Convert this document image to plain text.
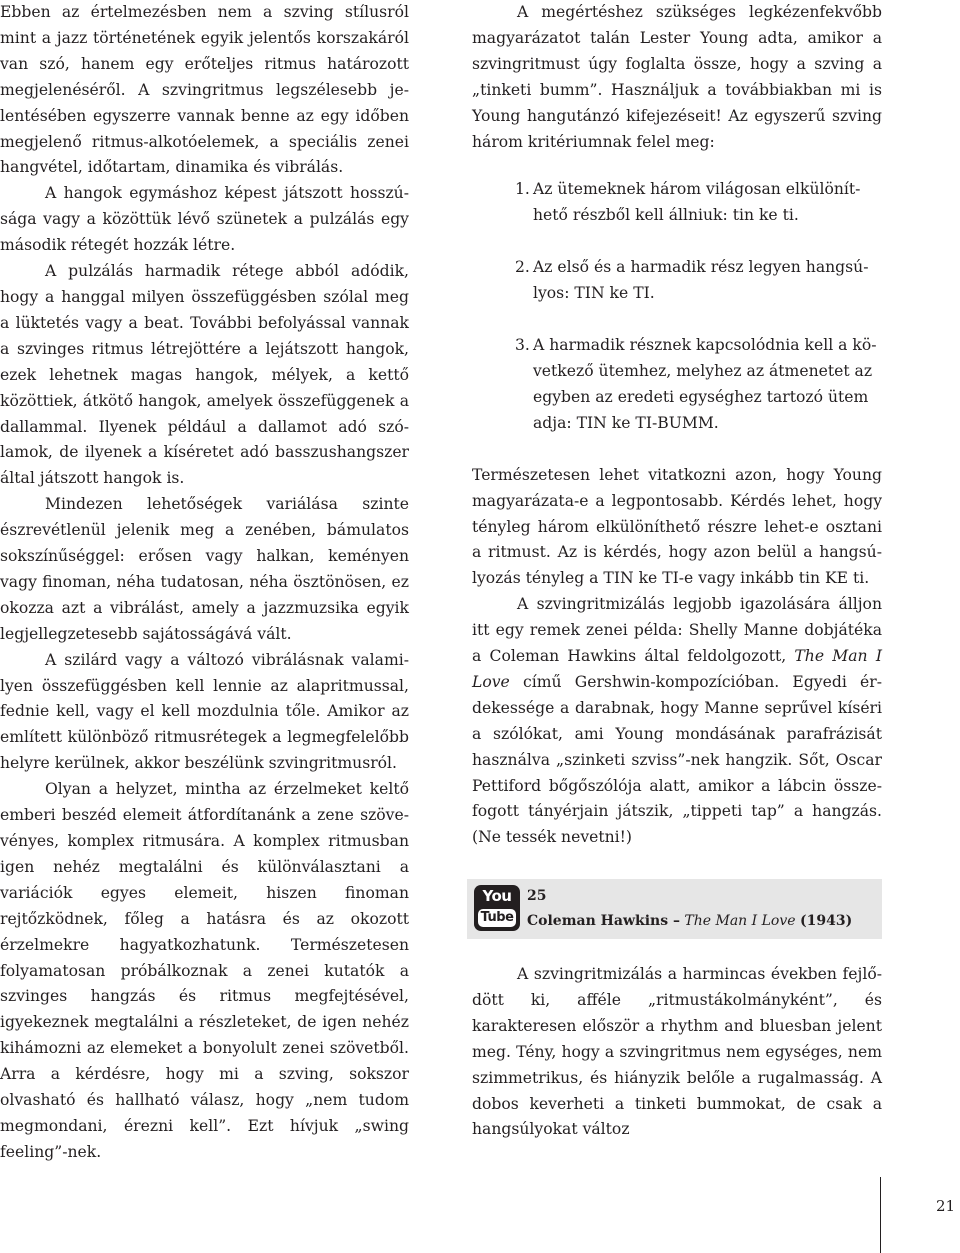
Ebben az értelmezésben nem a szving stílusról mint a jazz történetének egyik jelentős korszakáról van szó, hanem egy erőteljes ritmus határozott megjelenéséről. A szvingritmus legszélesebb jelentésében egyszerre vannak benne az egy időben megjelenő ritmus-alkotóelemek, a speciális zenei hangvétel, időtartam, dinamika és vibrálás.

A hangok egymáshoz képest játszott hosszúsága vagy a közöttük lévő szünetek a pulzálás egy második rétegét hozzák létre.

A pulzálás harmadik rétege abból adódik, hogy a hanggal milyen összefüggésben szólal meg a lüktetés vagy a beat. További befolyással vannak a szvinges ritmus létrejöttére a lejátszott hangok, ezek lehetnek magas hangok, mélyek, a kettő közöttiek, átkötő hangok, amelyek összefüggenek a dallammal. Ilyenek például a dallamot adó szólamok, de ilyenek a kíséretet adó basszushangszer által játszott hangok is.

Mindezen lehetőségek variálása szinte észrevétlenül jelenik meg a zenében, bámulatos sokszínűséggel: erősen vagy halkan, keményen vagy finoman, néha tudatosan, néha ösztönösen, ez okozza azt a vibrálást, amely a jazzmuzsika egyik legjellegzetesebb sajátosságává vált.

A szilárd vagy a változó vibrálásnak valamilyen összefüggésben kell lennie az alapritmussal, fednie kell, vagy el kell mozdulnia tőle. Amikor az említett különböző ritmusrétegek a legmegfelelőbb helyre kerülnek, akkor beszélünk szvingritmusról.

Olyan a helyzet, mintha az érzelmeket keltő emberi beszéd elemeit átfordítanánk a zene szövevényes, komplex ritmusára. A komplex ritmusban igen nehéz megtalálni és különválasztani a variációk egyes elemeit, hiszen finoman rejtőzködnek, főleg a hatásra és az okozott érzelmekre hagyatkozhatunk. Természetesen folyamatosan próbálkoznak a zenei kutatók a szvinges hangzás és ritmus megfejtésével, igyekeznek megtalálni a részleteket, de igen nehéz kihámozni az elemeket a bonyolult zenei szövetből. Arra a kérdésre, hogy mi a szving, sokszor olvasható és hallható válasz, hogy „nem tudom megmondani, érezni kell”. Ezt hívjuk „swing feeling”-nek.

A megértéshez szükséges legkézenfekvőbb magyarázatot talán Lester Young adta, amikor a szvingritmust úgy foglalta össze, hogy a szving a „tinketi bumm”. Használjuk a továbbiakban mi is Young hangutánzó kifejezéseit! Az egyszerű szving három kritériumnak felel meg:

1. Az ütemeknek három világosan elkülöníthető részből kell állniuk: tin ke ti.
2. Az első és a harmadik rész legyen hangsúlyos: TIN ke TI.
3. A harmadik résznek kapcsolódnia kell a következő ütemhez, melyhez az átmenetet az egyben az eredeti egységhez tartozó ütem adja: TIN ke TI-BUMM.

Természetesen lehet vitatkozni azon, hogy Young magyarázata-e a legpontosabb. Kérdés lehet, hogy tényleg három elkülöníthető részre lehet-e osztani a ritmust. Az is kérdés, hogy azon belül a hangsúlyozás tényleg a TIN ke TI-e vagy inkább tin KE ti.

A szvingritmizálás legjobb igazolására álljon itt egy remek zenei példa: Shelly Manne dobjátéka a Coleman Hawkins által feldolgozott, The Man I Love című Gershwin-kompozícióban. Egyedi érdekessége a darabnak, hogy Manne seprűvel kíséri a szólókat, ami Young mondásának parafrázisát használva „szinketi szviss”-nek hangzik. Sőt, Oscar Pettiford bőgőszólója alatt, amikor a lábcin összefogott tányérjain játszik, „tippeti tap” a hangzás. (Ne tessék nevetni!)

You
Tube
25
Coleman Hawkins – The Man I Love (1943)

A szvingritmizálás a harmincas években fejlődött ki, afféle „ritmustákolmányként”, és karakteresen először a rhythm and bluesban jelent meg. Tény, hogy a szvingritmus nem egységes, nem szimmetrikus, és hiányzik belőle a rugalmasság. A dobos keverheti a tinketi bummokat, de csak a hangsúlyokat változ

21
